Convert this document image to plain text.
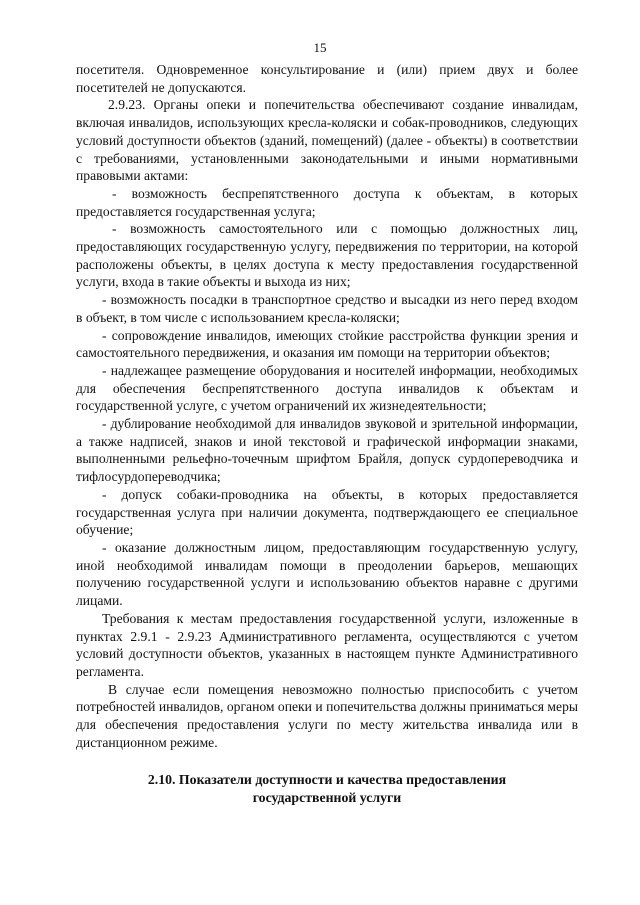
15

посетителя. Одновременное консультирование и (или) прием двух и более посетителей не допускаются.

2.9.23. Органы опеки и попечительства обеспечивают создание инвалидам, включая инвалидов, использующих кресла-коляски и собак-проводников, следующих условий доступности объектов (зданий, помещений) (далее - объекты) в соответствии с требованиями, установленными законодательными и иными нормативными правовыми актами:

- возможность беспрепятственного доступа к объектам, в которых предоставляется государственная услуга;

- возможность самостоятельного или с помощью должностных лиц, предоставляющих государственную услугу, передвижения по территории, на которой расположены объекты, в целях доступа к месту предоставления государственной услуги, входа в такие объекты и выхода из них;

- возможность посадки в транспортное средство и высадки из него перед входом в объект, в том числе с использованием кресла-коляски;

- сопровождение инвалидов, имеющих стойкие расстройства функции зрения и самостоятельного передвижения, и оказания им помощи на территории объектов;

- надлежащее размещение оборудования и носителей информации, необходимых для обеспечения беспрепятственного доступа инвалидов к объектам и государственной услуге, с учетом ограничений их жизнедеятельности;

- дублирование необходимой для инвалидов звуковой и зрительной информации, а также надписей, знаков и иной текстовой и графической информации знаками, выполненными рельефно-точечным шрифтом Брайля, допуск сурдопереводчика и тифлосурдопереводчика;

- допуск собаки-проводника на объекты, в которых предоставляется государственная услуга при наличии документа, подтверждающего ее специальное обучение;

- оказание должностным лицом, предоставляющим государственную услугу, иной необходимой инвалидам помощи в преодолении барьеров, мешающих получению государственной услуги и использованию объектов наравне с другими лицами.

Требования к местам предоставления государственной услуги, изложенные в пунктах 2.9.1 - 2.9.23 Административного регламента, осуществляются с учетом условий доступности объектов, указанных в настоящем пункте Административного регламента.

В случае если помещения невозможно полностью приспособить с учетом потребностей инвалидов, органом опеки и попечительства должны приниматься меры для обеспечения предоставления услуги по месту жительства инвалида или в дистанционном режиме.

2.10. Показатели доступности и качества предоставления

государственной услуги
